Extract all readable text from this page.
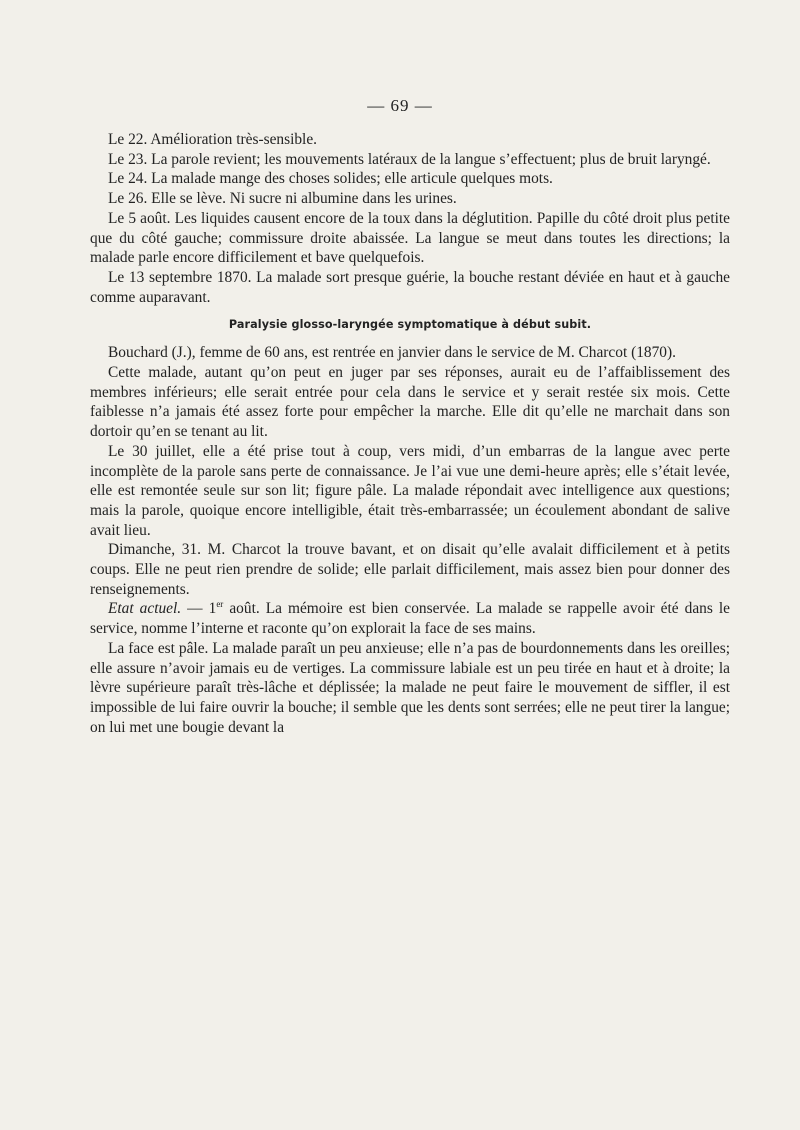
— 69 —

Le 22. Amélioration très-sensible.

Le 23. La parole revient; les mouvements latéraux de la langue s’effectuent; plus de bruit laryngé.

Le 24. La malade mange des choses solides; elle articule quelques mots.

Le 26. Elle se lève. Ni sucre ni albumine dans les urines.

Le 5 août. Les liquides causent encore de la toux dans la déglutition. Papille du côté droit plus petite que du côté gauche; commissure droite abaissée. La langue se meut dans toutes les directions; la malade parle encore difficilement et bave quelquefois.

Le 13 septembre 1870. La malade sort presque guérie, la bouche restant déviée en haut et à gauche comme auparavant.

Paralysie glosso-laryngée symptomatique à début subit.

Bouchard (J.), femme de 60 ans, est rentrée en janvier dans le service de M. Charcot (1870).

Cette malade, autant qu’on peut en juger par ses réponses, aurait eu de l’affaiblissement des membres inférieurs; elle serait entrée pour cela dans le service et y serait restée six mois. Cette faiblesse n’a jamais été assez forte pour empêcher la marche. Elle dit qu’elle ne marchait dans son dortoir qu’en se tenant au lit.

Le 30 juillet, elle a été prise tout à coup, vers midi, d’un embarras de la langue avec perte incomplète de la parole sans perte de connaissance. Je l’ai vue une demi-heure après; elle s’était levée, elle est remontée seule sur son lit; figure pâle. La malade répondait avec intelligence aux questions; mais la parole, quoique encore intelligible, était très-embarrassée; un écoulement abondant de salive avait lieu.

Dimanche, 31. M. Charcot la trouve bavant, et on disait qu’elle avalait difficilement et à petits coups. Elle ne peut rien prendre de solide; elle parlait difficilement, mais assez bien pour donner des renseignements.

Etat actuel. — 1er août. La mémoire est bien conservée. La malade se rappelle avoir été dans le service, nomme l’interne et raconte qu’on explorait la face de ses mains.

La face est pâle. La malade paraît un peu anxieuse; elle n’a pas de bourdonnements dans les oreilles; elle assure n’avoir jamais eu de vertiges. La commissure labiale est un peu tirée en haut et à droite; la lèvre supérieure paraît très-lâche et déplissée; la malade ne peut faire le mouvement de siffler, il est impossible de lui faire ouvrir la bouche; il semble que les dents sont serrées; elle ne peut tirer la langue; on lui met une bougie devant la
